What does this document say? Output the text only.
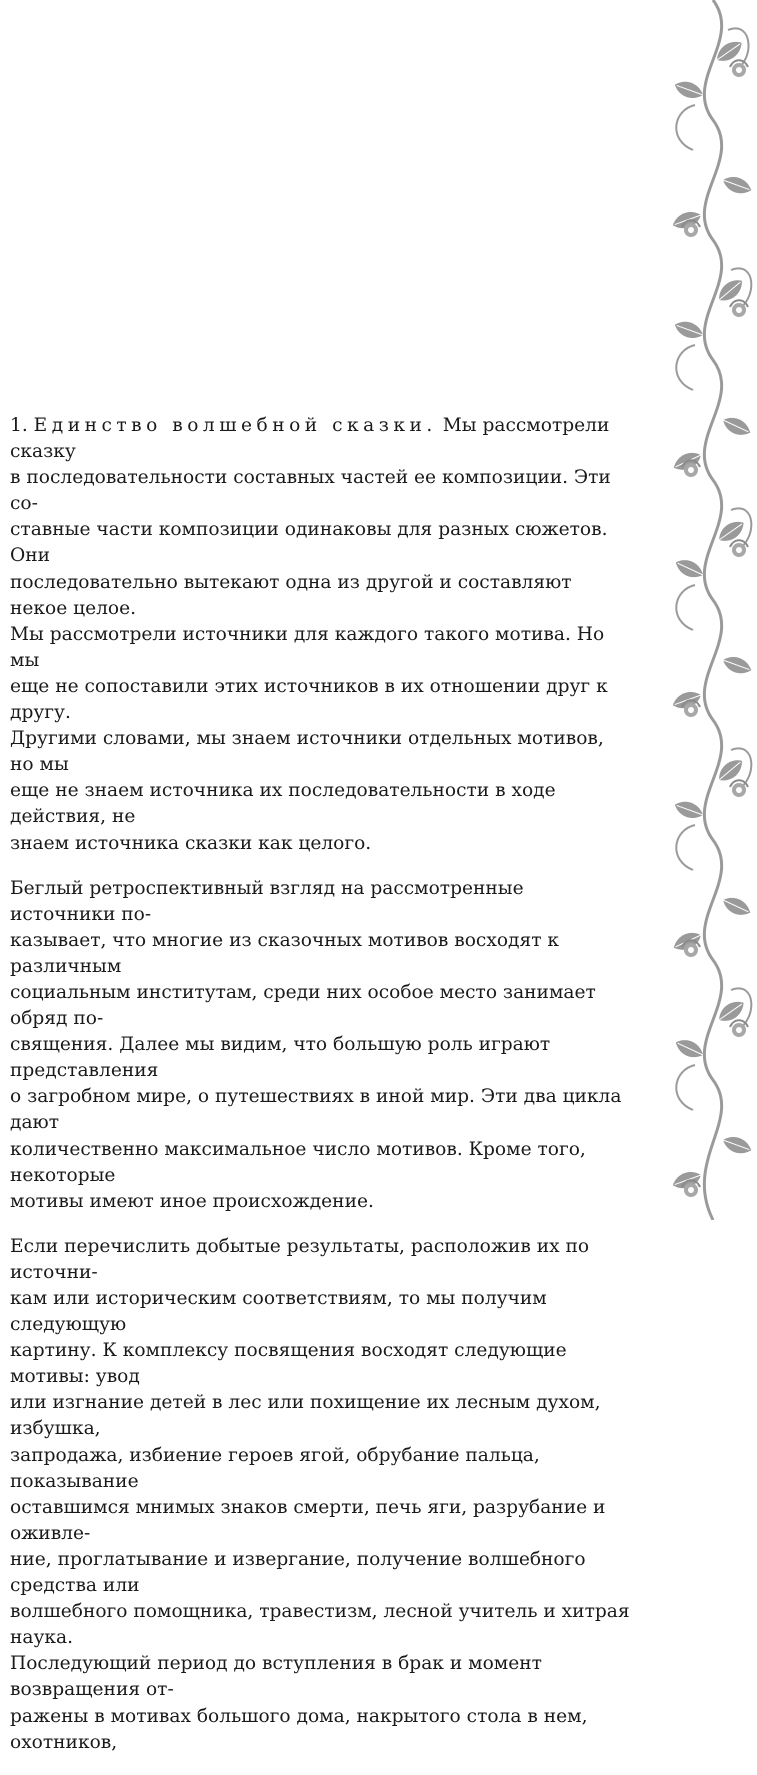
1. Единство волшебной сказки. Мы рассмотрели сказку
в последовательности составных частей ее композиции. Эти со-
ставные части композиции одинаковы для разных сюжетов. Они
последовательно вытекают одна из другой и составляют некое целое.
Мы рассмотрели источники для каждого такого мотива. Но мы
еще не сопоставили этих источников в их отношении друг к другу.
Другими словами, мы знаем источники отдельных мотивов, но мы
еще не знаем источника их последовательности в ходе действия, не
знаем источника сказки как целого.

Беглый ретроспективный взгляд на рассмотренные источники по-
казывает, что многие из сказочных мотивов восходят к различным
социальным институтам, среди них особое место занимает обряд по-
священия. Далее мы видим, что большую роль играют представления
о загробном мире, о путешествиях в иной мир. Эти два цикла дают
количественно максимальное число мотивов. Кроме того, некоторые
мотивы имеют иное происхождение.

Если перечислить добытые результаты, расположив их по источни-
кам или историческим соответствиям, то мы получим следующую
картину. К комплексу посвящения восходят следующие мотивы: увод
или изгнание детей в лес или похищение их лесным духом, избушка,
запродажа, избиение героев ягой, обрубание пальца, показывание
оставшимся мнимых знаков смерти, печь яги, разрубание и оживле-
ние, проглатывание и извергание, получение волшебного средства или
волшебного помощника, травестизм, лесной учитель и хитрая наука.
Последующий период до вступления в брак и момент возвращения от-
ражены в мотивах большого дома, накрытого стола в нем, охотников,
